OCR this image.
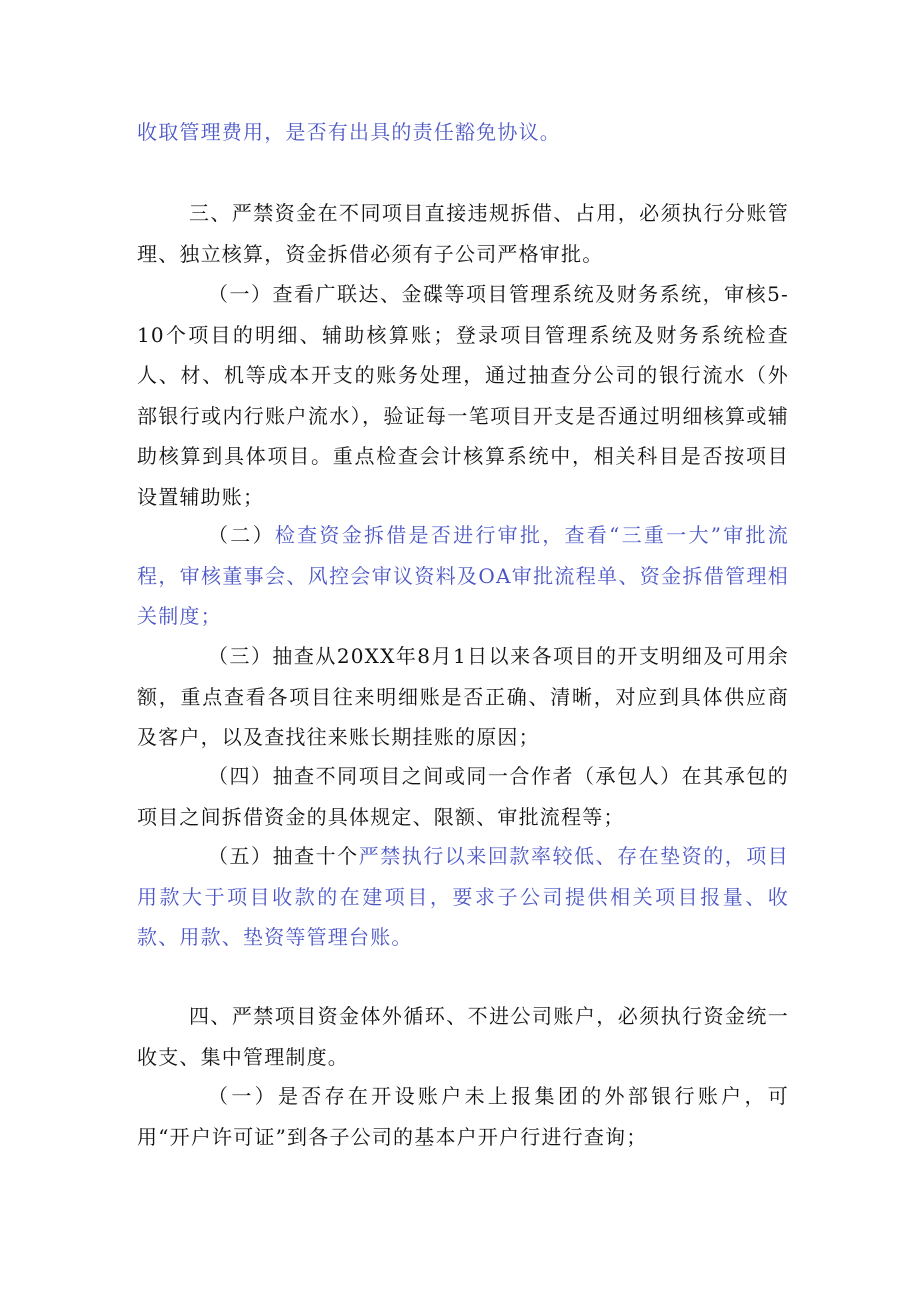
收取管理费用，是否有出具的责任豁免协议。

三、严禁资金在不同项目直接违规拆借、占用，必须执行分账管理、独立核算，资金拆借必须有子公司严格审批。

（一）查看广联达、金碟等项目管理系统及财务系统，审核5-10个项目的明细、辅助核算账；登录项目管理系统及财务系统检查人、材、机等成本开支的账务处理，通过抽查分公司的银行流水（外部银行或内行账户流水），验证每一笔项目开支是否通过明细核算或辅助核算到具体项目。重点检查会计核算系统中，相关科目是否按项目设置辅助账；

（二）检查资金拆借是否进行审批，查看“三重一大”审批流程，审核董事会、风控会审议资料及OA审批流程单、资金拆借管理相关制度；

（三）抽查从20XX年8月1日以来各项目的开支明细及可用余额，重点查看各项目往来明细账是否正确、清晰，对应到具体供应商及客户，以及查找往来账长期挂账的原因；

（四）抽查不同项目之间或同一合作者（承包人）在其承包的项目之间拆借资金的具体规定、限额、审批流程等；

（五）抽查十个严禁执行以来回款率较低、存在垫资的，项目用款大于项目收款的在建项目，要求子公司提供相关项目报量、收款、用款、垫资等管理台账。

四、严禁项目资金体外循环、不进公司账户，必须执行资金统一收支、集中管理制度。

（一）是否存在开设账户未上报集团的外部银行账户，可用“开户许可证”到各子公司的基本户开户行进行查询；
